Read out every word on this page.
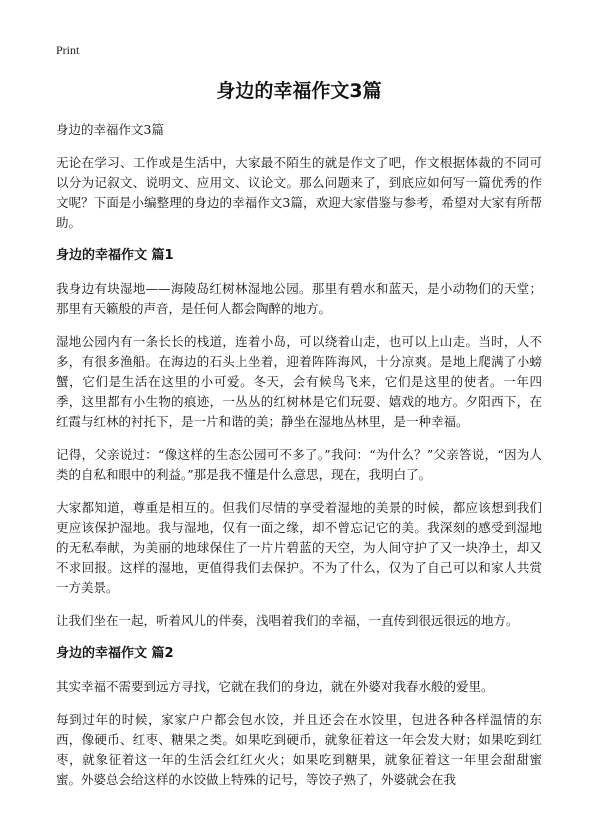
Print
身边的幸福作文3篇
身边的幸福作文3篇
无论在学习、工作或是生活中，大家最不陌生的就是作文了吧，作文根据体裁的不同可以分为记叙文、说明文、应用文、议论文。那么问题来了，到底应如何写一篇优秀的作文呢？下面是小编整理的身边的幸福作文3篇，欢迎大家借鉴与参考，希望对大家有所帮助。
身边的幸福作文 篇1
我身边有块湿地——海陵岛红树林湿地公园。那里有碧水和蓝天，是小动物们的天堂；那里有天籁般的声音，是任何人都会陶醉的地方。
湿地公园内有一条长长的栈道，连着小岛，可以绕着山走，也可以上山走。当时，人不多，有很多渔船。在海边的石头上坐着，迎着阵阵海风，十分凉爽。是地上爬满了小螃蟹，它们是生活在这里的小可爱。冬天，会有候鸟飞来，它们是这里的使者。一年四季，这里都有小生物的痕迹，一丛丛的红树林是它们玩耍、嬉戏的地方。夕阳西下，在红霞与红林的衬托下，是一片和谐的美；静坐在湿地丛林里，是一种幸福。
记得，父亲说过：“像这样的生态公园可不多了。”我问：“为什么？”父亲答说，“因为人类的自私和眼中的利益。”那是我不懂是什么意思，现在，我明白了。
大家都知道，尊重是相互的。但我们尽情的享受着湿地的美景的时候，都应该想到我们更应该保护湿地。我与湿地，仅有一面之缘，却不曾忘记它的美。我深刻的感受到湿地的无私奉献，为美丽的地球保住了一片片碧蓝的天空，为人间守护了又一块净土，却又不求回报。这样的湿地，更值得我们去保护。不为了什么，仅为了自己可以和家人共赏一方美景。
让我们坐在一起，听着风儿的伴奏，浅唱着我们的幸福，一直传到很远很远的地方。
身边的幸福作文 篇2
其实幸福不需要到远方寻找，它就在我们的身边，就在外婆对我春水般的爱里。
每到过年的时候，家家户户都会包水饺，并且还会在水饺里，包进各种各样温情的东西，像硬币、红枣、糖果之类。如果吃到硬币，就象征着这一年会发大财；如果吃到红枣，就象征着这一年的生活会红红火火；如果吃到糖果，就象征着这一年里会甜甜蜜蜜。外婆总会给这样的水饺做上特殊的记号，等饺子熟了，外婆就会在我
